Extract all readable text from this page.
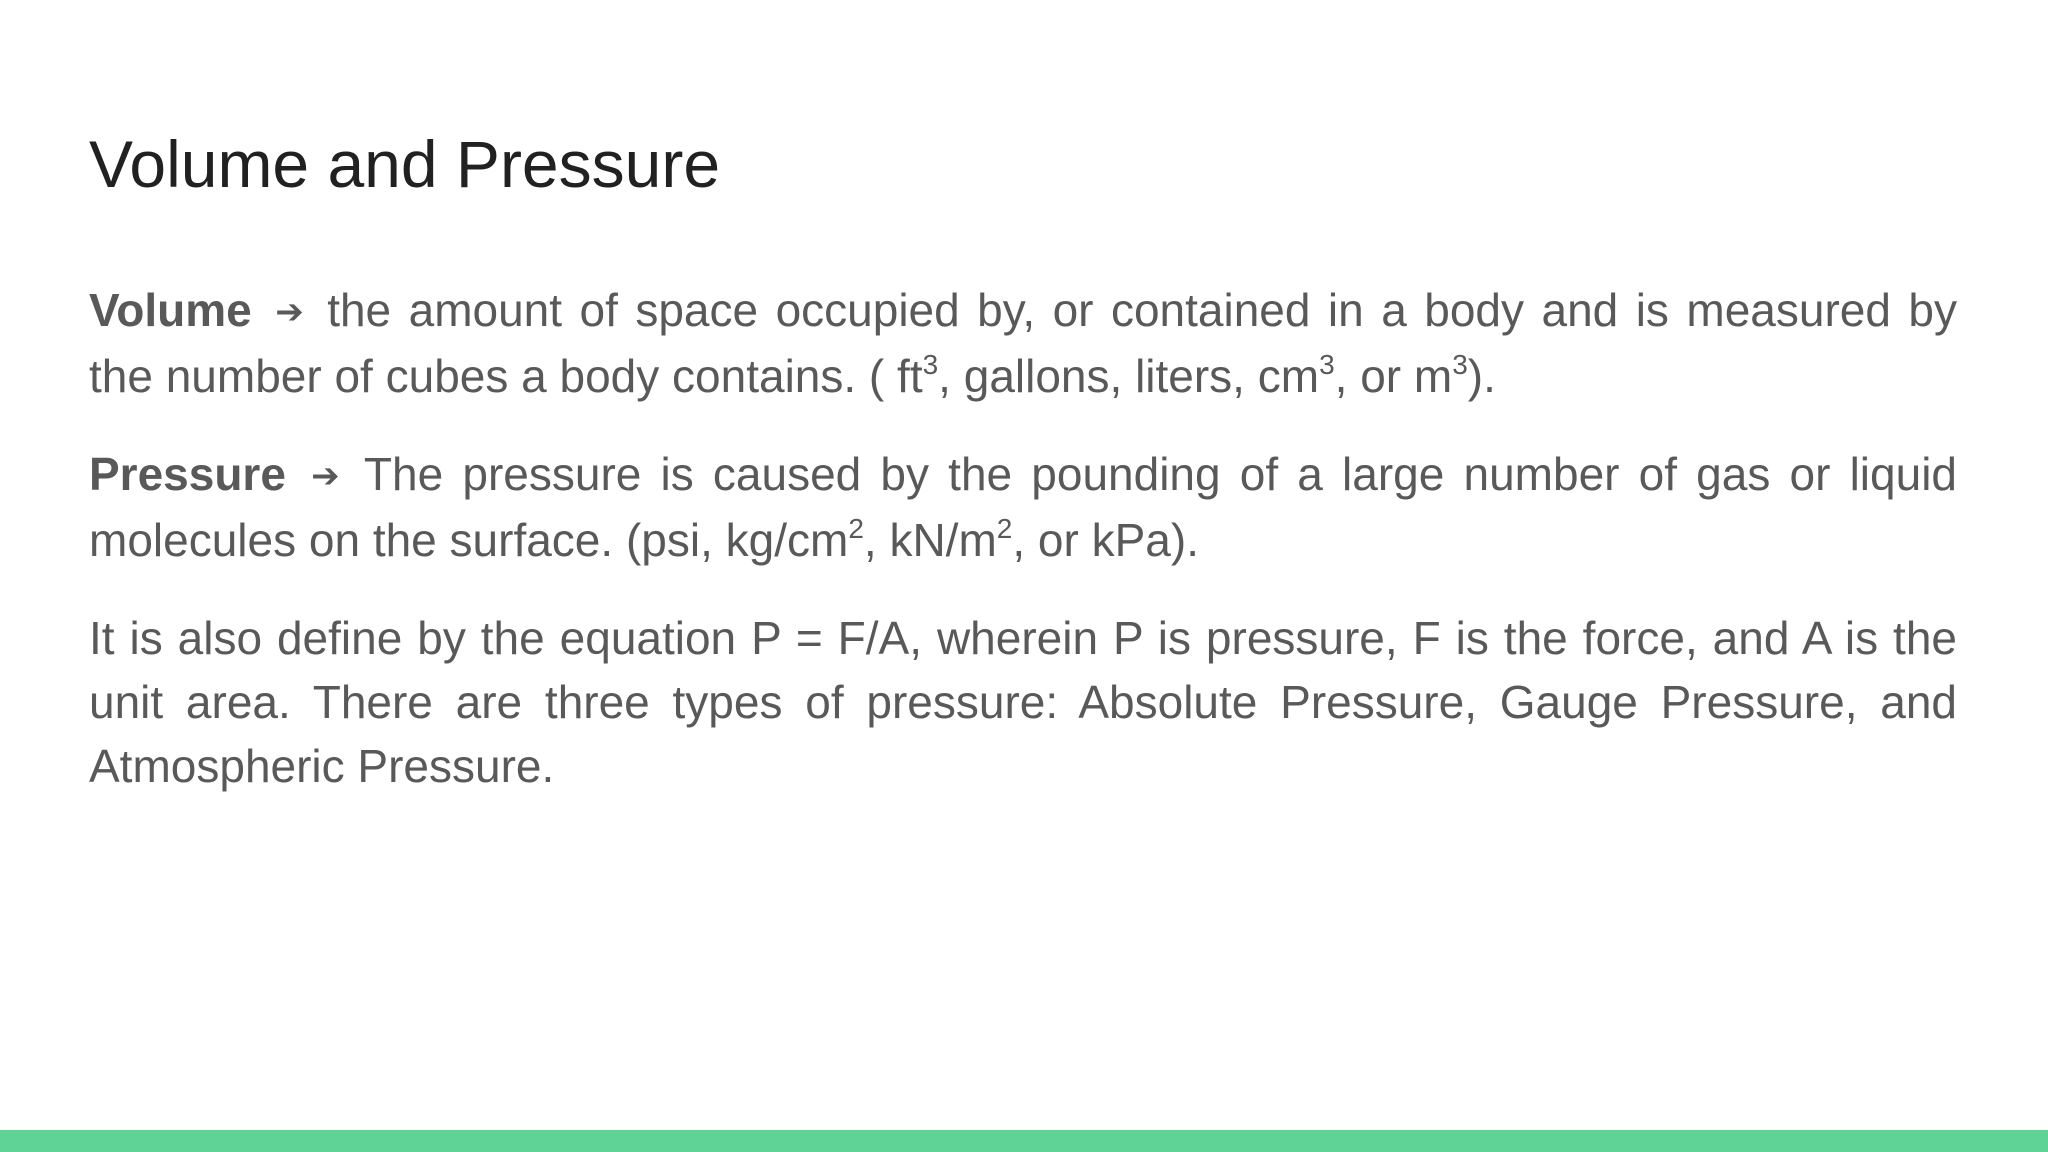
Volume and Pressure

Volume ➔ the amount of space occupied by, or contained in a body and is measured by the number of cubes a body contains. ( $ft^3$, gallons, liters, $cm^3$, or $m^3$).

Pressure ➔ The pressure is caused by the pounding of a large number of gas or liquid molecules on the surface. (psi, $kg/cm^2$, $kN/m^2$, or kPa).

It is also define by the equation P = F/A, wherein P is pressure, F is the force, and A is the unit area. There are three types of pressure: Absolute Pressure, Gauge Pressure, and Atmospheric Pressure.
